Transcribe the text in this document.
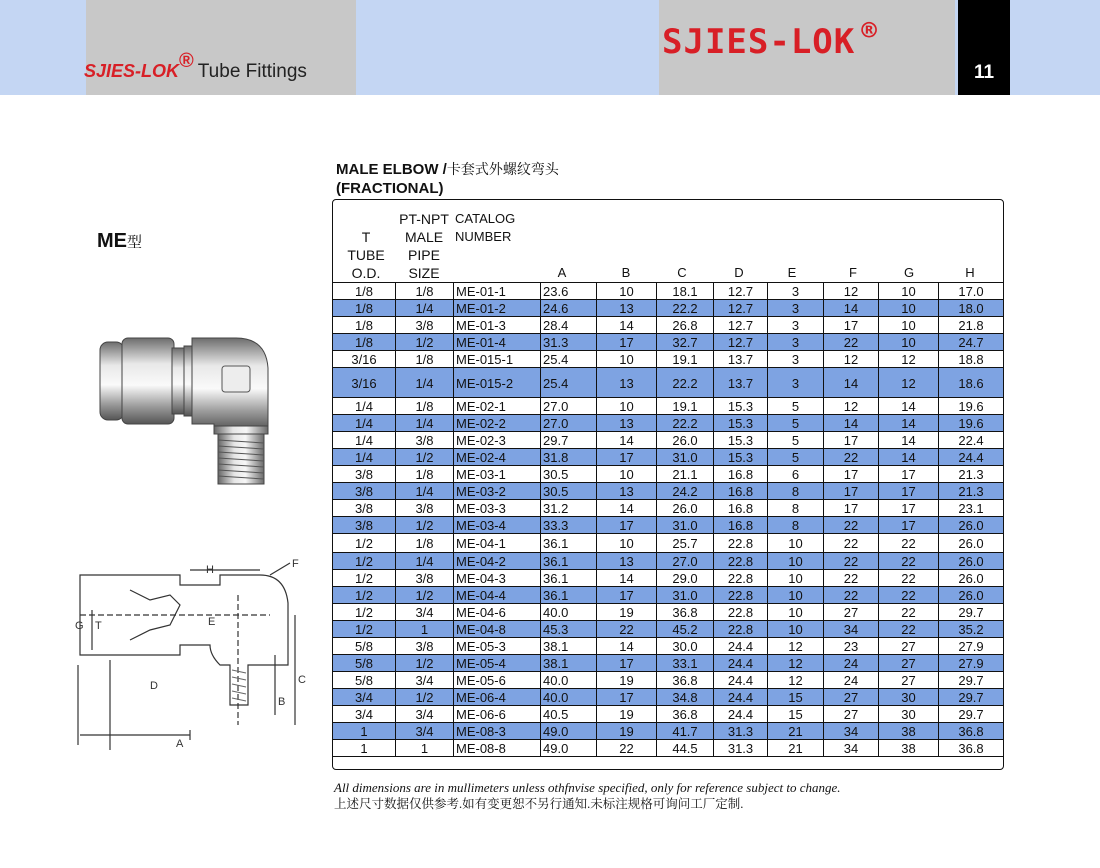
SJIES-LOK® Tube Fittings
SJIES-LOK ®
11
MALE ELBOW /卡套式外螺纹弯头
(FRACTIONAL)
ME型
H	F
G T	E
C
D
B
A
T
TUBE
O.D.
PT-NPT
MALE
PIPE
SIZE
CATALOG
NUMBER
A	B	C	D	E	F	G	H
1/8	1/8	ME-01-1	23.6	10	18.1	12.7	3	12	10	17.0
1/8	1/4	ME-01-2	24.6	13	22.2	12.7	3	14	10	18.0
1/8	3/8	ME-01-3	28.4	14	26.8	12.7	3	17	10	21.8
1/8	1/2	ME-01-4	31.3	17	32.7	12.7	3	22	10	24.7
3/16	1/8	ME-015-1	25.4	10	19.1	13.7	3	12	12	18.8
3/16	1/4	ME-015-2	25.4	13	22.2	13.7	3	14	12	18.6
1/4	1/8	ME-02-1	27.0	10	19.1	15.3	5	12	14	19.6
1/4	1/4	ME-02-2	27.0	13	22.2	15.3	5	14	14	19.6
1/4	3/8	ME-02-3	29.7	14	26.0	15.3	5	17	14	22.4
1/4	1/2	ME-02-4	31.8	17	31.0	15.3	5	22	14	24.4
3/8	1/8	ME-03-1	30.5	10	21.1	16.8	6	17	17	21.3
3/8	1/4	ME-03-2	30.5	13	24.2	16.8	8	17	17	21.3
3/8	3/8	ME-03-3	31.2	14	26.0	16.8	8	17	17	23.1
3/8	1/2	ME-03-4	33.3	17	31.0	16.8	8	22	17	26.0
1/2	1/8	ME-04-1	36.1	10	25.7	22.8	10	22	22	26.0
1/2	1/4	ME-04-2	36.1	13	27.0	22.8	10	22	22	26.0
1/2	3/8	ME-04-3	36.1	14	29.0	22.8	10	22	22	26.0
1/2	1/2	ME-04-4	36.1	17	31.0	22.8	10	22	22	26.0
1/2	3/4	ME-04-6	40.0	19	36.8	22.8	10	27	22	29.7
1/2	1	ME-04-8	45.3	22	45.2	22.8	10	34	22	35.2
5/8	3/8	ME-05-3	38.1	14	30.0	24.4	12	23	27	27.9
5/8	1/2	ME-05-4	38.1	17	33.1	24.4	12	24	27	27.9
5/8	3/4	ME-05-6	40.0	19	36.8	24.4	12	24	27	29.7
3/4	1/2	ME-06-4	40.0	17	34.8	24.4	15	27	30	29.7
3/4	3/4	ME-06-6	40.5	19	36.8	24.4	15	27	30	29.7
1	3/4	ME-08-3	49.0	19	41.7	31.3	21	34	38	36.8
1	1	ME-08-8	49.0	22	44.5	31.3	21	34	38	36.8
All dimensions are in mullimeters unless othfnvise specified, only for reference subject to change.
上述尺寸数据仅供参考.如有变更恕不另行通知.未标注规格可询问工厂定制.
